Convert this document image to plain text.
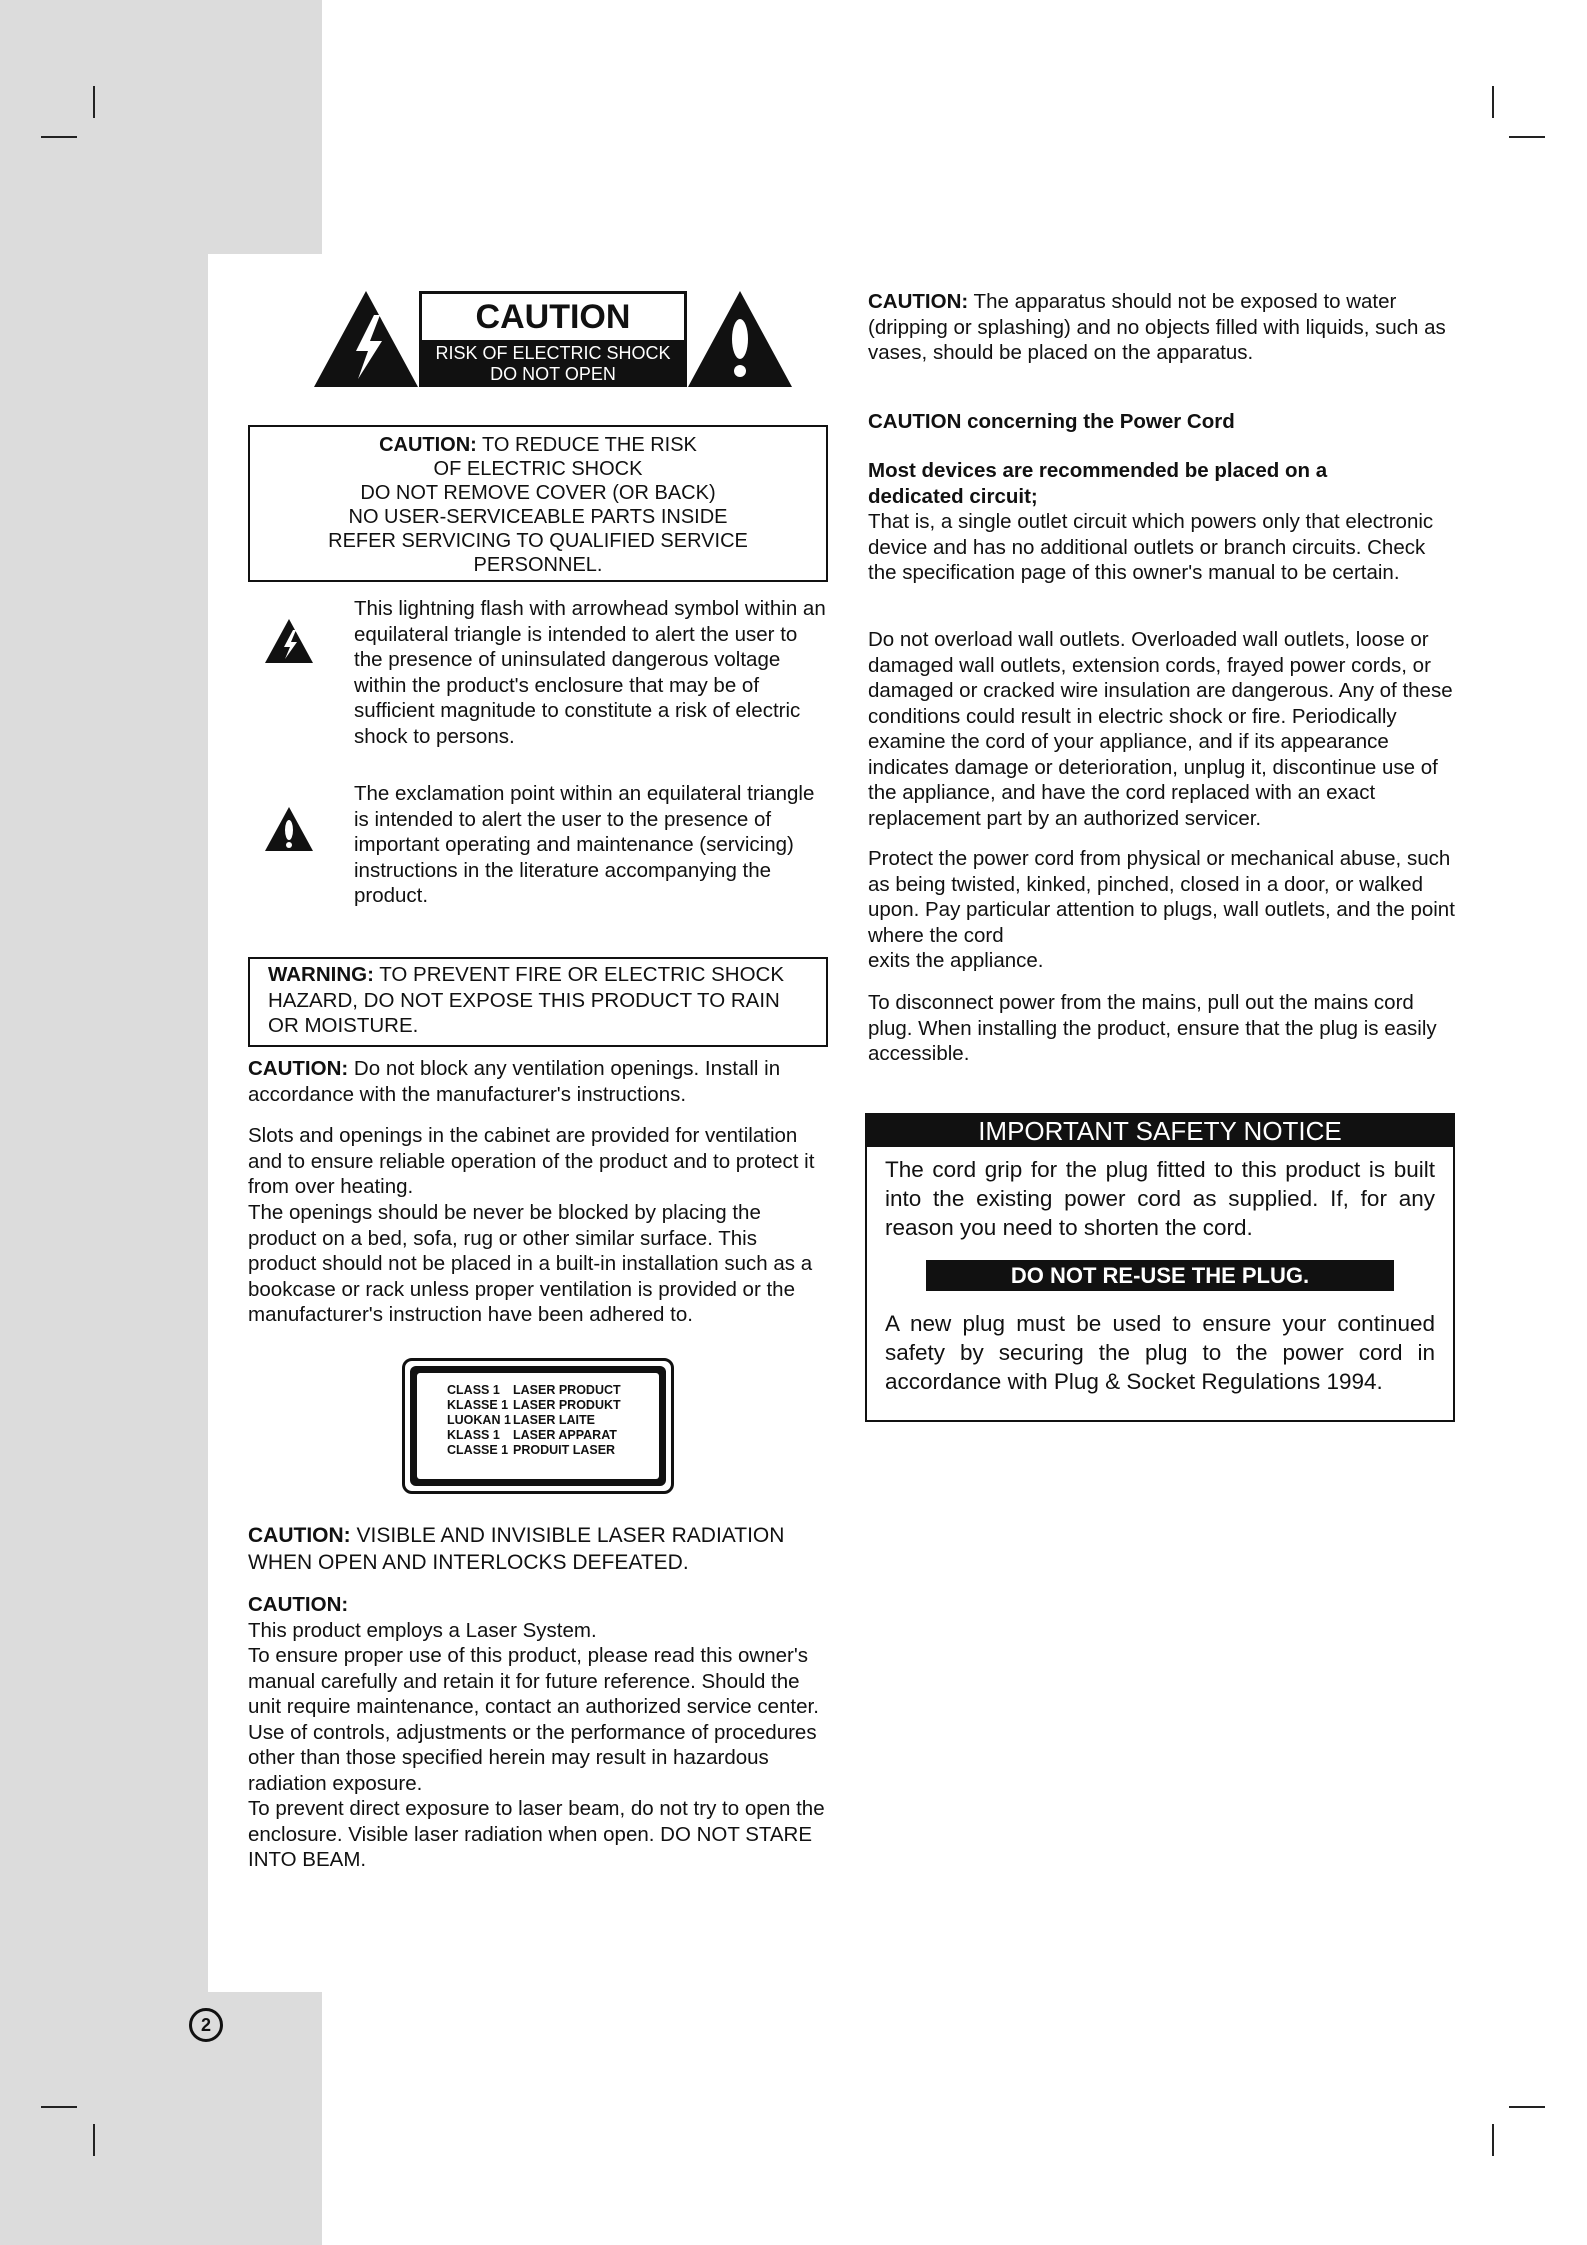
CAUTION
RISK OF ELECTRIC SHOCK
DO NOT OPEN
CAUTION: TO REDUCE THE RISK
OF ELECTRIC SHOCK
DO NOT REMOVE COVER (OR BACK)
NO USER-SERVICEABLE PARTS INSIDE
REFER SERVICING TO QUALIFIED SERVICE
PERSONNEL.

This lightning flash with arrowhead symbol within an equilateral triangle is intended to alert the user to the presence of uninsulated dangerous voltage within the product's enclosure that may be of sufficient magnitude to constitute a risk of electric shock to persons.

The exclamation point within an equilateral triangle is intended to alert the user to the presence of important operating and maintenance (servicing) instructions in the literature accompanying the product.

WARNING: TO PREVENT FIRE OR ELECTRIC SHOCK HAZARD, DO NOT EXPOSE THIS PRODUCT TO RAIN OR MOISTURE.

CAUTION: Do not block any ventilation openings. Install in accordance with the manufacturer's instructions.

Slots and openings in the cabinet are provided for ventilation and to ensure reliable operation of the product and to protect it from over heating.

The openings should be never be blocked by placing the product on a bed, sofa, rug or other similar surface. This product should not be placed in a built-in installation such as a bookcase or rack unless proper ventilation is provided or the manufacturer's instruction have been adhered to.

CLASS 1 LASER PRODUCT
KLASSE 1 LASER PRODUKT
LUOKAN 1 LASER LAITE
KLASS 1 LASER APPARAT
CLASSE 1 PRODUIT LASER

CAUTION: VISIBLE AND INVISIBLE LASER RADIATION WHEN OPEN AND INTERLOCKS DEFEATED.

CAUTION:
This product employs a Laser System.
To ensure proper use of this product, please read this owner's manual carefully and retain it for future reference. Should the unit require maintenance, contact an authorized service center.
Use of controls, adjustments or the performance of procedures other than those specified herein may result in hazardous radiation exposure.
To prevent direct exposure to laser beam, do not try to open the enclosure. Visible laser radiation when open. DO NOT STARE INTO BEAM.

CAUTION: The apparatus should not be exposed to water (dripping or splashing) and no objects filled with liquids, such as vases, should be placed on the apparatus.

CAUTION concerning the Power Cord

Most devices are recommended be placed on a dedicated circuit;
That is, a single outlet circuit which powers only that electronic device and has no additional outlets or branch circuits. Check the specification page of this owner's manual to be certain.

Do not overload wall outlets. Overloaded wall outlets, loose or damaged wall outlets, extension cords, frayed power cords, or damaged or cracked wire insulation are dangerous. Any of these conditions could result in electric shock or fire. Periodically examine the cord of your appliance, and if its appearance indicates damage or deterioration, unplug it, discontinue use of the appliance, and have the cord replaced with an exact replacement part by an authorized servicer.

Protect the power cord from physical or mechanical abuse, such as being twisted, kinked, pinched, closed in a door, or walked upon. Pay particular attention to plugs, wall outlets, and the point where the cord
exits the appliance.

To disconnect power from the mains, pull out the mains cord plug. When installing the product, ensure that the plug is easily accessible.

IMPORTANT SAFETY NOTICE

The cord grip for the plug fitted to this product is built into the existing power cord as supplied. If, for any reason you need to shorten the cord.

DO NOT RE-USE THE PLUG.

A new plug must be used to ensure your continued safety by securing the plug to the power cord in accordance with Plug & Socket Regulations 1994.

2
